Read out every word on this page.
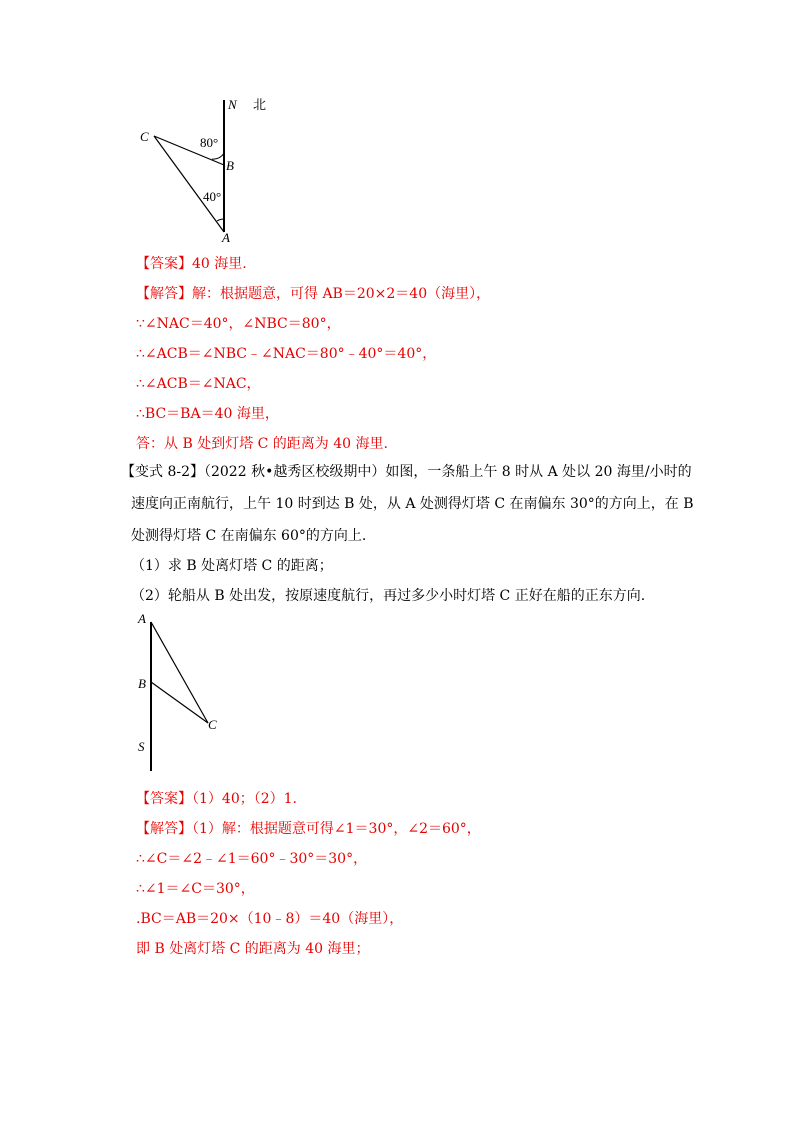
N 北
C
B
A
80°
40°

【答案】40 海里.

【解答】解：根据题意，可得 AB＝20×2＝40（海里），

∵∠NAC＝40°，∠NBC＝80°，

∴∠ACB＝∠NBC﹣∠NAC＝80°﹣40°＝40°，

∴∠ACB＝∠NAC，

∴BC＝BA＝40 海里，

答：从 B 处到灯塔 C 的距离为 40 海里.

【变式 8-2】（2022 秋•越秀区校级期中）如图，一条船上午 8 时从 A 处以 20 海里/小时的

速度向正南航行，上午 10 时到达 B 处，从 A 处测得灯塔 C 在南偏东 30°的方向上，在 B

处测得灯塔 C 在南偏东 60°的方向上.

（1）求 B 处离灯塔 C 的距离；

（2）轮船从 B 处出发，按原速度航行，再过多少小时灯塔 C 正好在船的正东方向.

A
B
C
S

【答案】（1）40；（2）1.

【解答】（1）解：根据题意可得∠1＝30°，∠2＝60°，

∴∠C＝∠2﹣∠1＝60°﹣30°＝30°，

∴∠1＝∠C＝30°，

.BC＝AB＝20×（10﹣8）＝40（海里），

即 B 处离灯塔 C 的距离为 40 海里；
